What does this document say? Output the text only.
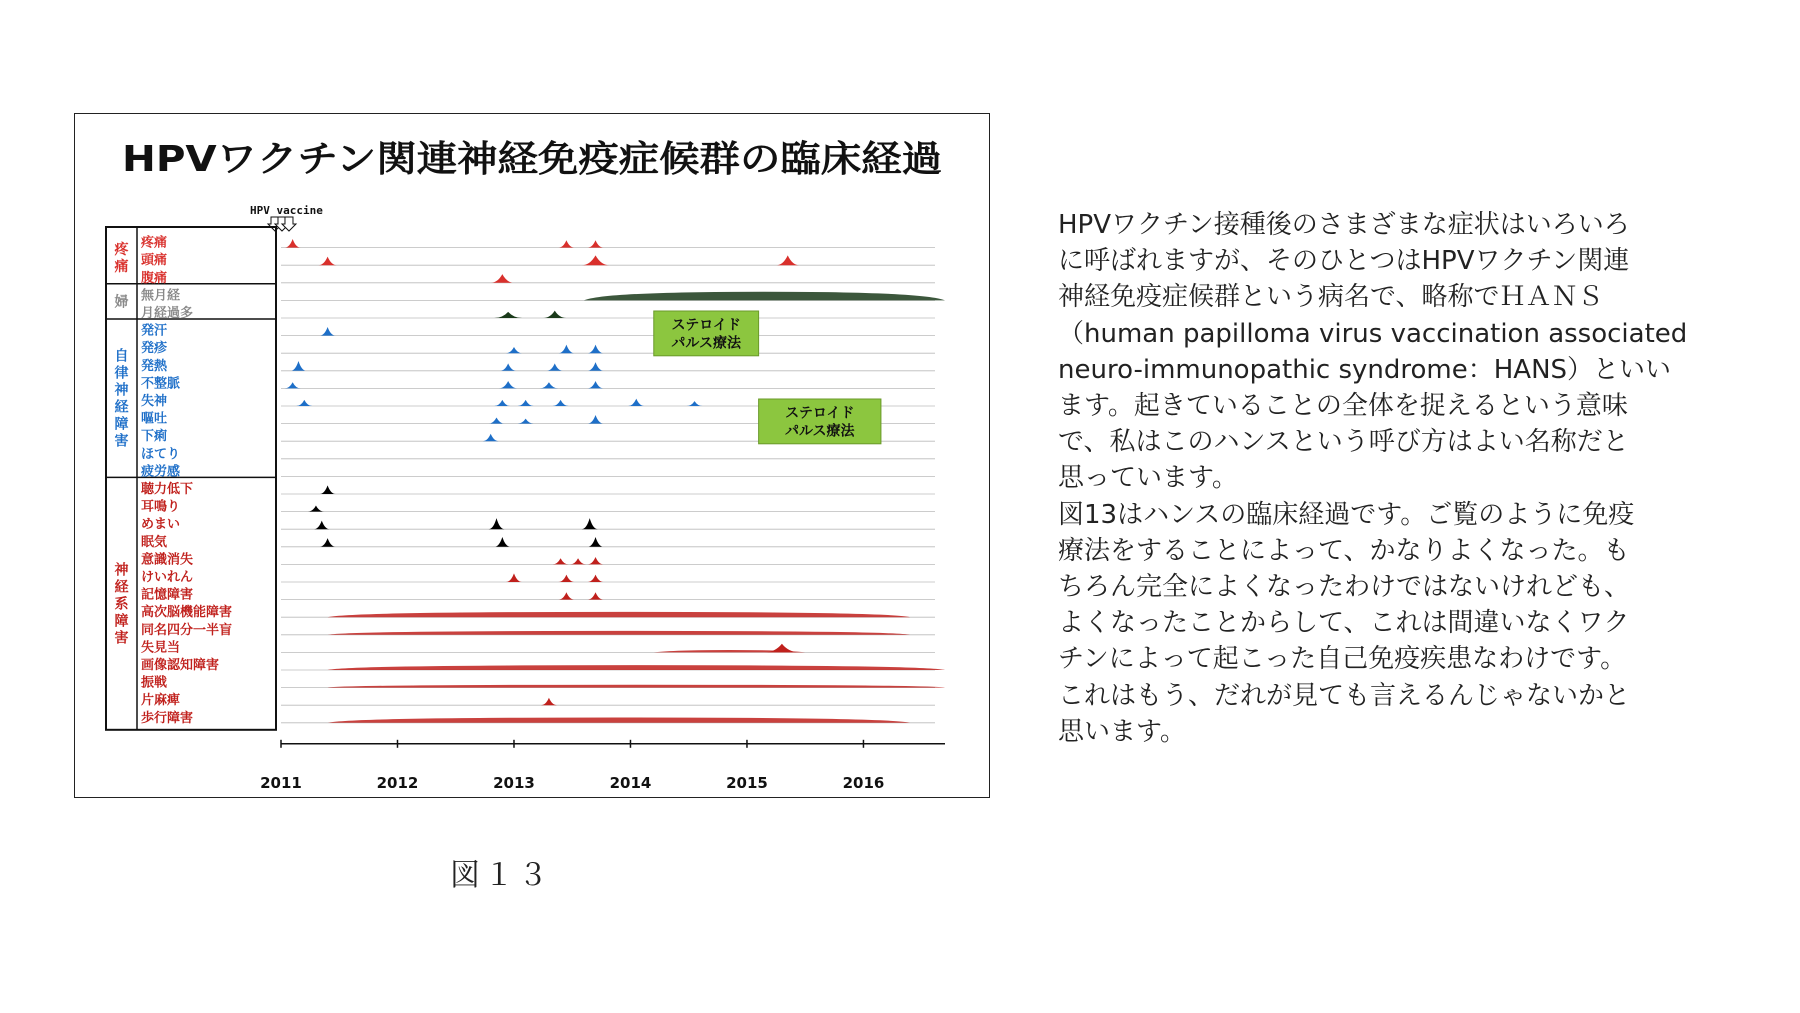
HPVワクチン関連神経免疫症候群の臨床経過
HPV vaccine
疼
痛
婦
自
律
神
経
障
害
神
経
系
障
害
2011	2012	2013	2014	2015	2016
疼痛
頭痛
腹痛
無月経
月経過多
発汗
発疹
発熱
不整脈
失神
嘔吐
下痢
ほてり
疲労感
聴力低下
耳鳴り
めまい
眠気
意識消失
けいれん
記憶障害
高次脳機能障害
同名四分一半盲
失見当
画像認知障害
振戦
片麻痺
歩行障害
ステロイド
パルス療法
ステロイド
パルス療法
図１３

HPVワクチン接種後のさまざまな症状はいろいろ

に呼ばれますが、そのひとつはHPVワクチン関連

神経免疫症候群という病名で、略称でＨＡＮＳ

（human papilloma virus vaccination associated

neuro-immunopathic syndrome：HANS）といい

ます。起きていることの全体を捉えるという意味

で、私はこのハンスという呼び方はよい名称だと

思っています。

図13はハンスの臨床経過です。ご覧のように免疫

療法をすることによって、かなりよくなった。も

ちろん完全によくなったわけではないけれども、

よくなったことからして、これは間違いなくワク

チンによって起こった自己免疫疾患なわけです。

これはもう、だれが見ても言えるんじゃないかと

思います。
